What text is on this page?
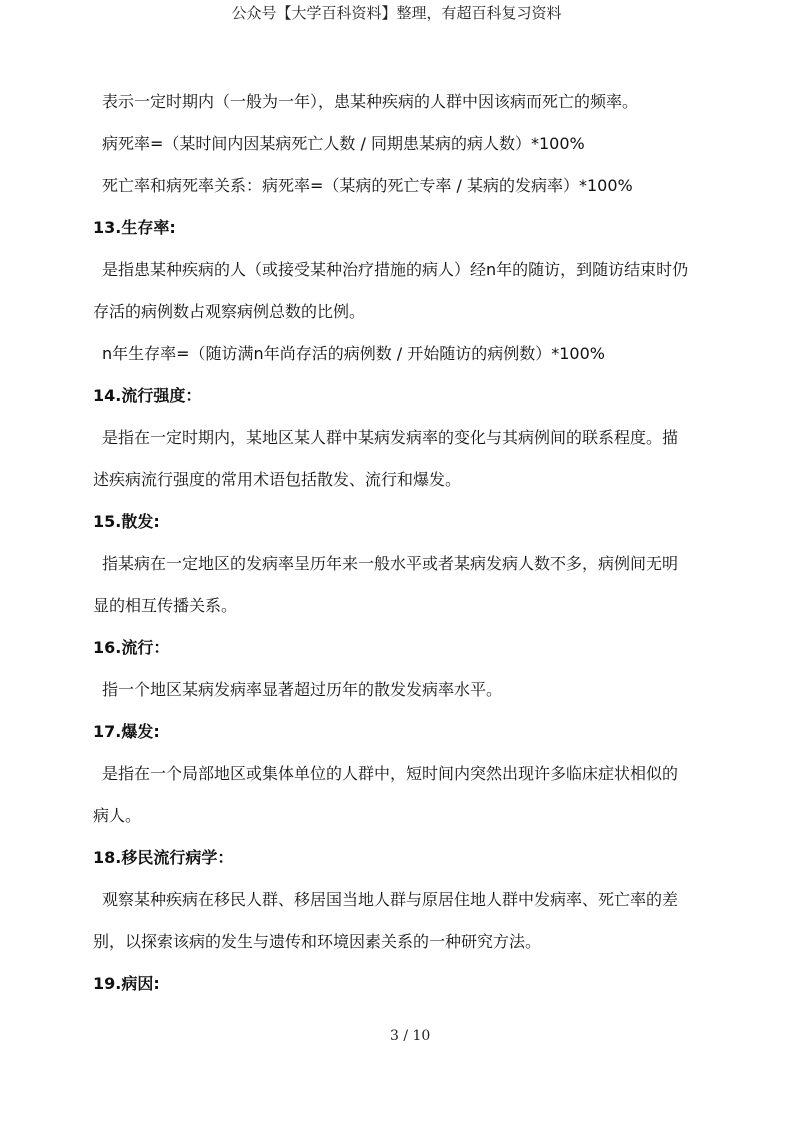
公众号【大学百科资料】整理，有超百科复习资料

表示一定时期内（一般为一年），患某种疾病的人群中因该病而死亡的频率。

病死率=（某时间内因某病死亡人数 / 同期患某病的病人数）*100%

死亡率和病死率关系：病死率=（某病的死亡专率 / 某病的发病率）*100%

13.生存率:

是指患某种疾病的人（或接受某种治疗措施的病人）经n年的随访，到随访结束时仍
存活的病例数占观察病例总数的比例。

n年生存率=（随访满n年尚存活的病例数 / 开始随访的病例数）*100%

14.流行强度：

是指在一定时期内，某地区某人群中某病发病率的变化与其病例间的联系程度。描
述疾病流行强度的常用术语包括散发、流行和爆发。

15.散发:

指某病在一定地区的发病率呈历年来一般水平或者某病发病人数不多，病例间无明
显的相互传播关系。

16.流行：

指一个地区某病发病率显著超过历年的散发发病率水平。

17.爆发:

是指在一个局部地区或集体单位的人群中，短时间内突然出现许多临床症状相似的
病人。

18.移民流行病学：

观察某种疾病在移民人群、移居国当地人群与原居住地人群中发病率、死亡率的差
别，以探索该病的发生与遗传和环境因素关系的一种研究方法。

19.病因:

3 / 10
